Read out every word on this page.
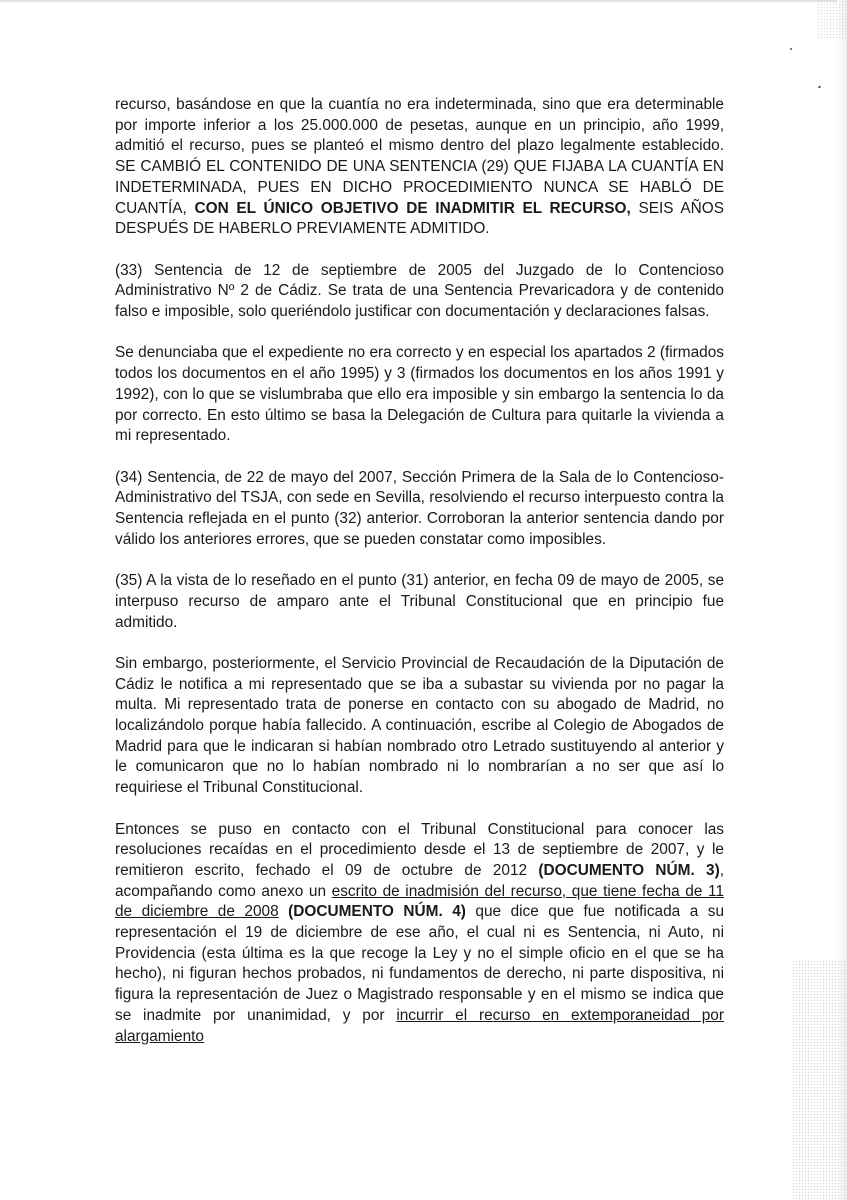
recurso, basándose en que la cuantía no era indeterminada, sino que era determinable por importe inferior a los 25.000.000 de pesetas, aunque en un principio, año 1999, admitió el recurso, pues se planteó el mismo dentro del plazo legalmente establecido. SE CAMBIÓ EL CONTENIDO DE UNA SENTENCIA (29) QUE FIJABA LA CUANTÍA EN INDETERMINADA, PUES EN DICHO PROCEDIMIENTO NUNCA SE HABLÓ DE CUANTÍA, CON EL ÚNICO OBJETIVO DE INADMITIR EL RECURSO, SEIS AÑOS DESPUÉS DE HABERLO PREVIAMENTE ADMITIDO.

(33) Sentencia de 12 de septiembre de 2005 del Juzgado de lo Contencioso Administrativo Nº 2 de Cádiz. Se trata de una Sentencia Prevaricadora y de contenido falso e imposible, solo queriéndolo justificar con documentación y declaraciones falsas.

Se denunciaba que el expediente no era correcto y en especial los apartados 2 (firmados todos los documentos en el año 1995) y 3 (firmados los documentos en los años 1991 y 1992), con lo que se vislumbraba que ello era imposible y sin embargo la sentencia lo da por correcto. En esto último se basa la Delegación de Cultura para quitarle la vivienda a mi representado.

(34) Sentencia, de 22 de mayo del 2007, Sección Primera de la Sala de lo Contencioso-Administrativo del TSJA, con sede en Sevilla, resolviendo el recurso interpuesto contra la Sentencia reflejada en el punto (32) anterior. Corroboran la anterior sentencia dando por válido los anteriores errores, que se pueden constatar como imposibles.

(35) A la vista de lo reseñado en el punto (31) anterior, en fecha 09 de mayo de 2005, se interpuso recurso de amparo ante el Tribunal Constitucional que en principio fue admitido.

Sin embargo, posteriormente, el Servicio Provincial de Recaudación de la Diputación de Cádiz le notifica a mi representado que se iba a subastar su vivienda por no pagar la multa. Mi representado trata de ponerse en contacto con su abogado de Madrid, no localizándolo porque había fallecido. A continuación, escribe al Colegio de Abogados de Madrid para que le indicaran si habían nombrado otro Letrado sustituyendo al anterior y le comunicaron que no lo habían nombrado ni lo nombrarían a no ser que así lo requiriese el Tribunal Constitucional.

Entonces se puso en contacto con el Tribunal Constitucional para conocer las resoluciones recaídas en el procedimiento desde el 13 de septiembre de 2007, y le remitieron escrito, fechado el 09 de octubre de 2012 (DOCUMENTO NÚM. 3), acompañando como anexo un escrito de inadmisión del recurso, que tiene fecha de 11 de diciembre de 2008 (DOCUMENTO NÚM. 4) que dice que fue notificada a su representación el 19 de diciembre de ese año, el cual ni es Sentencia, ni Auto, ni Providencia (esta última es la que recoge la Ley y no el simple oficio en el que se ha hecho), ni figuran hechos probados, ni fundamentos de derecho, ni parte dispositiva, ni figura la representación de Juez o Magistrado responsable y en el mismo se indica que se inadmite por unanimidad, y por incurrir el recurso en extemporaneidad por alargamiento
